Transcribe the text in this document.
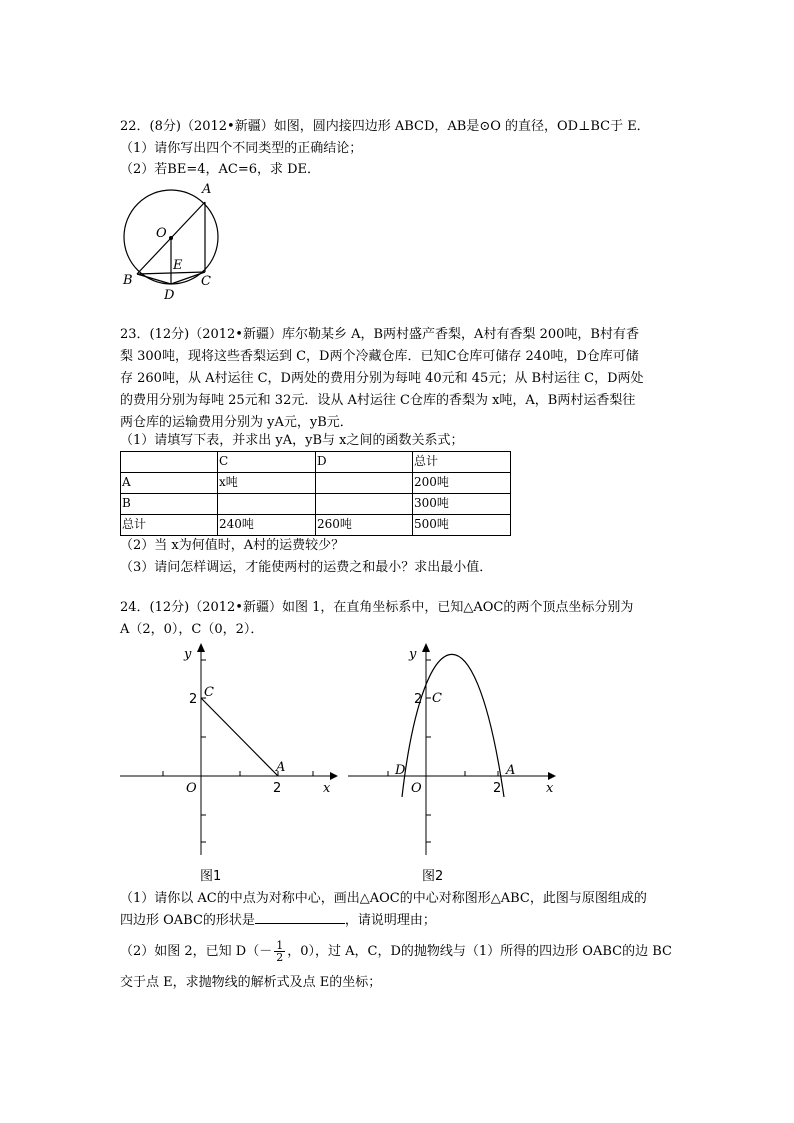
22．(8分)（2012•新疆）如图，圆内接四边形 ABCD，AB是⊙O 的直径，OD⊥BC于 E．
（1）请你写出四个不同类型的正确结论；
（2）若BE=4，AC=6，求 DE．
A
O
E
B
D
C
23．(12分)（2012•新疆）库尔勒某乡 A，B两村盛产香梨，A村有香梨 200吨，B村有香
梨 300吨，现将这些香梨运到 C，D两个冷藏仓库．已知C仓库可储存 240吨，D仓库可储
存 260吨，从 A村运往 C，D两处的费用分别为每吨 40元和 45元；从 B村运往 C，D两处
的费用分别为每吨 25元和 32元．设从 A村运往 C仓库的香梨为 x吨，A，B两村运香梨往
两仓库的运输费用分别为 yA元，yB元．
（1）请填写下表，并求出 yA，yB与 x之间的函数关系式；
	C	D	总计
A	x吨		200吨
B			300吨
总计	240吨	260吨	500吨
（2）当 x为何值时，A村的运费较少？
（3）请问怎样调运，才能使两村的运费之和最小？求出最小值．
24．(12分)（2012•新疆）如图 1，在直角坐标系中，已知△AOC的两个顶点坐标分别为
A（2，0），C（0，2）．
y
x
C
A
O
2
2
图1
y
x
C
A
O
D
2
2
图2
（1）请你以 AC的中点为对称中心，画出△AOC的中心对称图形△ABC，此图与原图组成的
四边形 OABC的形状是	，请说明理由；
（2）如图 2，已知 $D(- \frac{1}{2}$ ，0），过 A，C，D的抛物线与（1）所得的四边形 OABC的边 BC
交于点 E，求抛物线的解析式及点 E的坐标；
